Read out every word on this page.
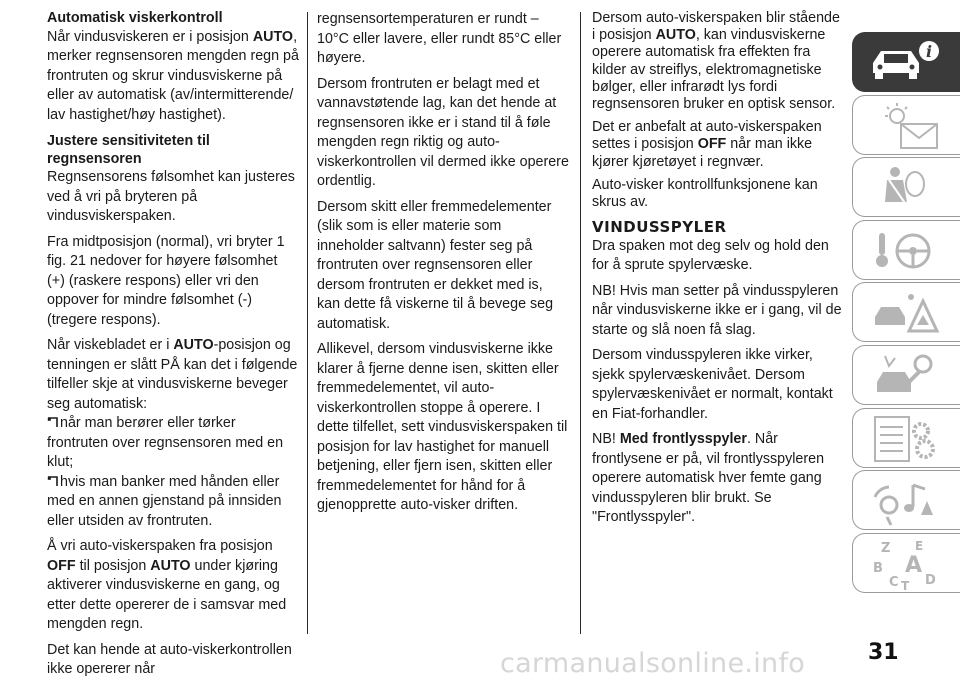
Automatisk viskerkontroll

Når vindusviskeren er i posisjon AUTO, merker regnsensoren mengden regn på frontruten og skrur vindusviskerne på eller av automatisk (av/intermitterende/ lav hastighet/høy hastighet).

Justere sensitiviteten til regnsensoren

Regnsensorens følsomhet kan justeres ved å vri på bryteren på vindusviskerspaken.

Fra midtposisjon (normal), vri bryter 1 fig. 21 nedover for høyere følsomhet (+) (raskere respons) eller vri den oppover for mindre følsomhet (-) (tregere respons).

Når viskebladet er i AUTO-posisjon og tenningen er slått PÅ kan det i følgende tilfeller skje at vindusviskerne beveger seg automatisk:

når man berører eller tørker frontruten over regnsensoren med en klut;

hvis man banker med hånden eller med en annen gjenstand på innsiden eller utsiden av frontruten.

Å vri auto-viskerspaken fra posisjon OFF til posisjon AUTO under kjøring aktiverer vindusviskerne en gang, og etter dette opererer de i samsvar med mengden regn.

Det kan hende at auto-viskerkontrollen ikke opererer når

regnsensortemperaturen er rundt –10°C eller lavere, eller rundt 85°C eller høyere.

Dersom frontruten er belagt med et vannavstøtende lag, kan det hende at regnsensoren ikke er i stand til å føle mengden regn riktig og auto-viskerkontrollen vil dermed ikke operere ordentlig.

Dersom skitt eller fremmedelementer (slik som is eller materie som inneholder saltvann) fester seg på frontruten over regnsensoren eller dersom frontruten er dekket med is, kan dette få viskerne til å bevege seg automatisk.

Allikevel, dersom vindusviskerne ikke klarer å fjerne denne isen, skitten eller fremmedelementet, vil auto-viskerkontrollen stoppe å operere. I dette tilfellet, sett vindusviskerspaken til posisjon for lav hastighet for manuell betjening, eller fjern isen, skitten eller fremmedelementet for hånd for å gjenopprette auto-visker driften.

Dersom auto-viskerspaken blir stående i posisjon AUTO, kan vindusviskerne operere automatisk fra effekten fra kilder av streiflys, elektromagnetiske bølger, eller infrarødt lys fordi regnsensoren bruker en optisk sensor.

Det er anbefalt at auto-viskerspaken settes i posisjon OFF når man ikke kjører kjøretøyet i regnvær.

Auto-visker kontrollfunksjonene kan skrus av.

VINDUSSPYLER

Dra spaken mot deg selv og hold den for å sprute spylervæske.

NB! Hvis man setter på vindusspyleren når vindusviskerne ikke er i gang, vil de starte og slå noen få slag.

Dersom vindusspyleren ikke virker, sjekk spylervæskenivået. Dersom spylervæskenivået er normalt, kontakt en Fiat-forhandler.

NB! Med frontlysspyler. Når frontlysene er på, vil frontlysspyleren operere automatisk hver femte gang vindusspyleren blir brukt. Se "Frontlysspyler".

i
Z E
B A
C T D
carmanualsonline.info	31
